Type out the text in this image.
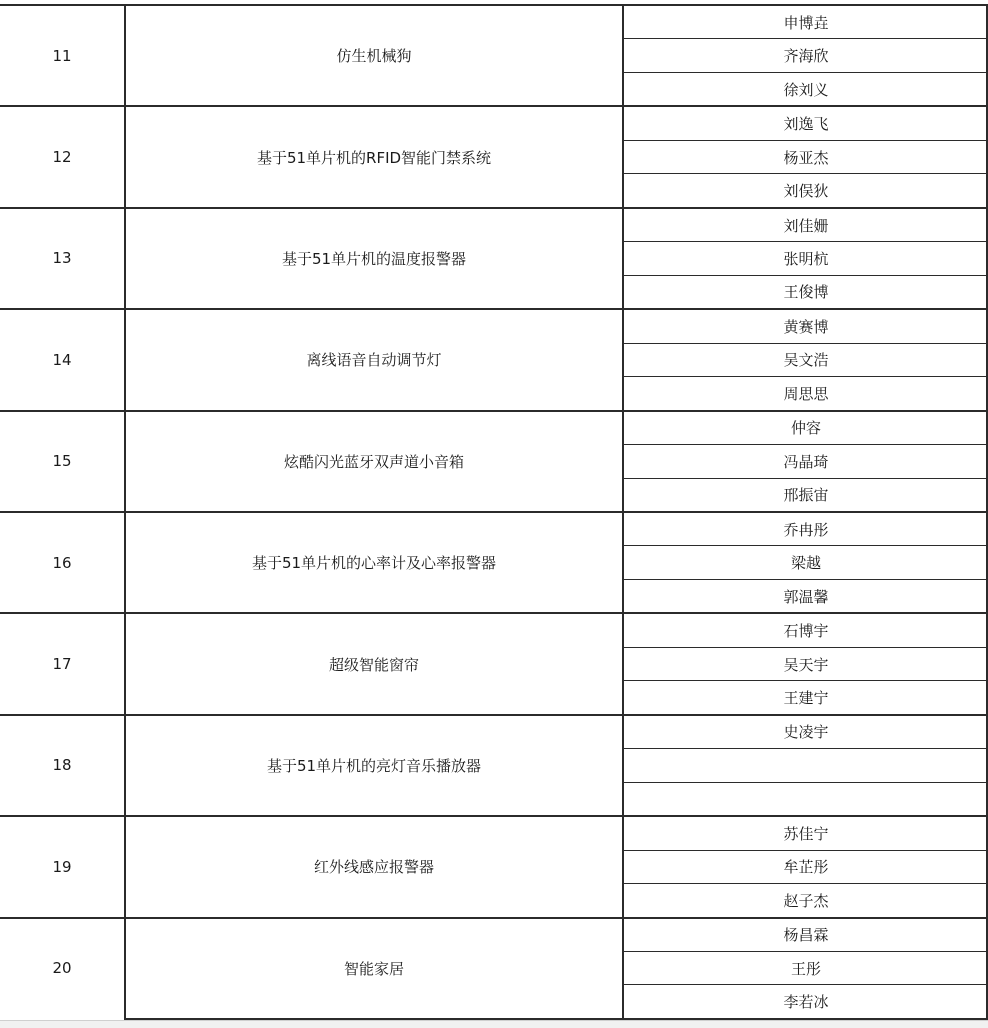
11	仿生机械狗
申博垚
齐海欣
徐刘义
12	基于51单片机的RFID智能门禁系统
刘逸飞
杨亚杰
刘俣狄
13	基于51单片机的温度报警器
刘佳姗
张明杭
王俊博
14	离线语音自动调节灯
黄赛博
吴文浩
周思思
15	炫酷闪光蓝牙双声道小音箱
仲容
冯晶琦
邢振宙
16	基于51单片机的心率计及心率报警器
乔冉彤
梁越
郭温馨
17	超级智能窗帘
石博宇
吴天宇
王建宁
18	基于51单片机的亮灯音乐播放器
史凌宇
19	红外线感应报警器
苏佳宁
牟芷彤
赵子杰
20	智能家居
杨昌霖
王彤
李若冰
